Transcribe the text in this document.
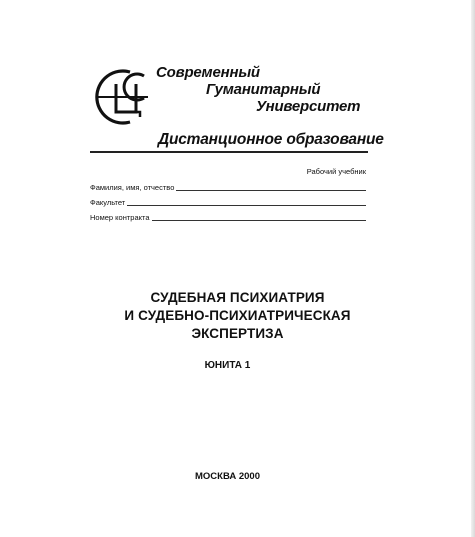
Современный
Гуманитарный
Университет
Дистанционное образование
Рабочий учебник
Фамилия, имя, отчество
Факультет
Номер контракта
СУДЕБНАЯ ПСИХИАТРИЯ
И СУДЕБНО-ПСИХИАТРИЧЕСКАЯ
ЭКСПЕРТИЗА
ЮНИТА 1
МОСКВА 2000
